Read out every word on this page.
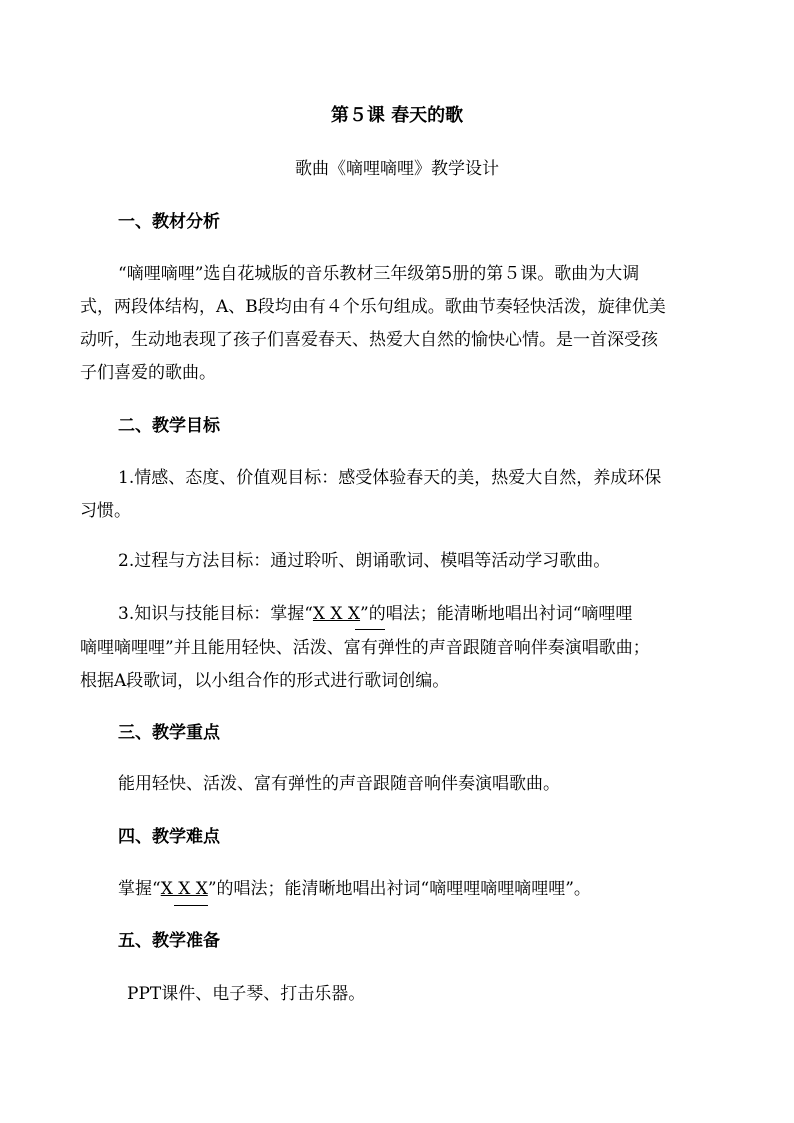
第５课 春天的歌
歌曲《嘀哩嘀哩》教学设计
一、教材分析
“嘀哩嘀哩”选自花城版的音乐教材三年级第5册的第５课。歌曲为大调
式，两段体结构，A、B段均由有４个乐句组成。歌曲节奏轻快活泼，旋律优美
动听，生动地表现了孩子们喜爱春天、热爱大自然的愉快心情。是一首深受孩
子们喜爱的歌曲。
二、教学目标
1.情感、态度、价值观目标：感受体验春天的美，热爱大自然，养成环保
习惯。
2.过程与方法目标：通过聆听、朗诵歌词、模唱等活动学习歌曲。
3.知识与技能目标：掌握“X X X”的唱法；能清晰地唱出衬词“嘀哩哩
嘀哩嘀哩哩”并且能用轻快、活泼、富有弹性的声音跟随音响伴奏演唱歌曲；
根据A段歌词，以小组合作的形式进行歌词创编。
三、教学重点
能用轻快、活泼、富有弹性的声音跟随音响伴奏演唱歌曲。
四、教学难点
掌握“X X X”的唱法；能清晰地唱出衬词“嘀哩哩嘀哩嘀哩哩”。
五、教学准备
PPT课件、电子琴、打击乐器。
